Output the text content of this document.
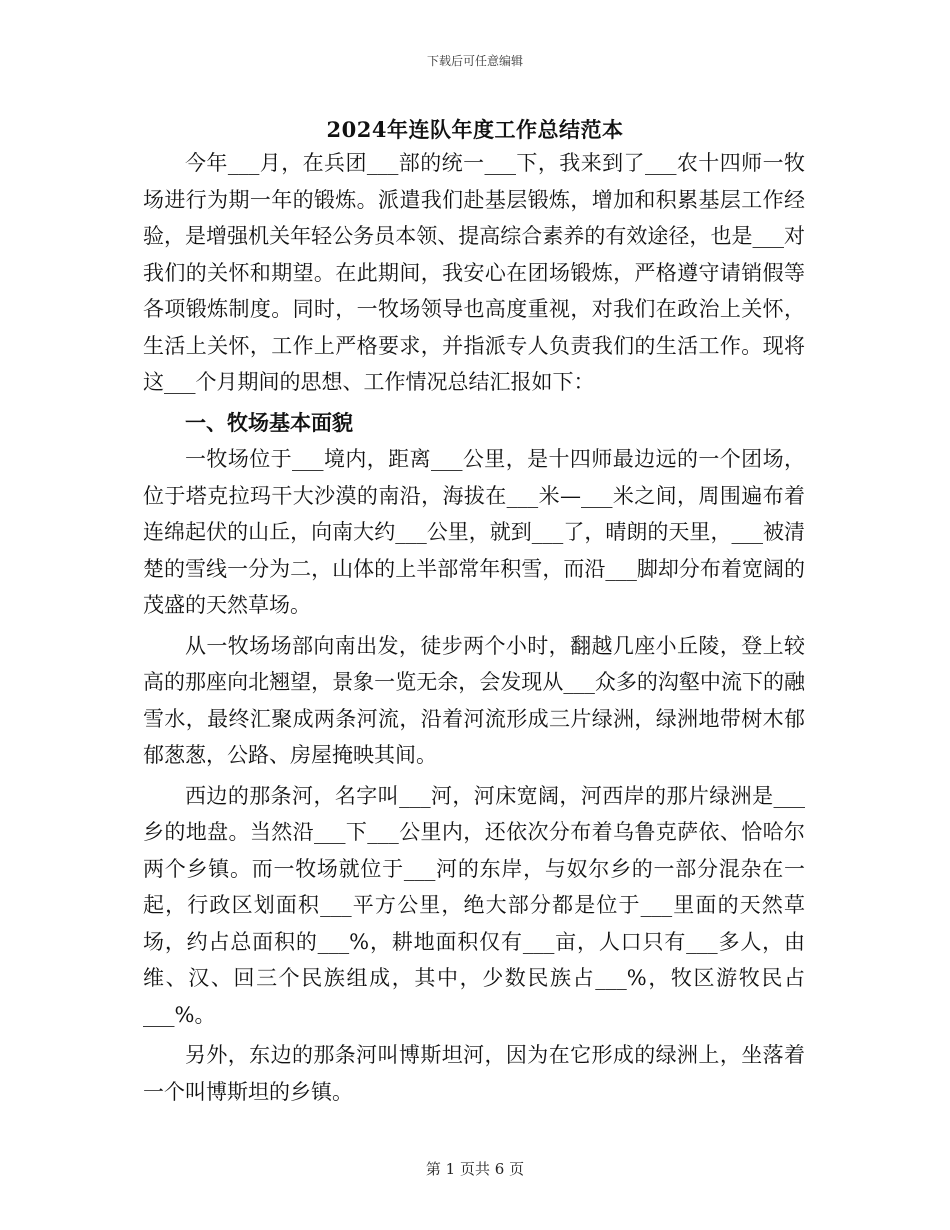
下载后可任意编辑
2024年连队年度工作总结范本

今年___月，在兵团___部的统一___下，我来到了___农十四师一牧场进行为期一年的锻炼。派遣我们赴基层锻炼，增加和积累基层工作经验，是增强机关年轻公务员本领、提高综合素养的有效途径，也是___对我们的关怀和期望。在此期间，我安心在团场锻炼，严格遵守请销假等各项锻炼制度。同时，一牧场领导也高度重视，对我们在政治上关怀，生活上关怀，工作上严格要求，并指派专人负责我们的生活工作。现将这___个月期间的思想、工作情况总结汇报如下：

一、牧场基本面貌

一牧场位于___境内，距离___公里，是十四师最边远的一个团场，位于塔克拉玛干大沙漠的南沿，海拔在___米—___米之间，周围遍布着连绵起伏的山丘，向南大约___公里，就到___了，晴朗的天里，___被清楚的雪线一分为二，山体的上半部常年积雪，而沿___脚却分布着宽阔的茂盛的天然草场。

从一牧场场部向南出发，徒步两个小时，翻越几座小丘陵，登上较高的那座向北翘望，景象一览无余，会发现从___众多的沟壑中流下的融雪水，最终汇聚成两条河流，沿着河流形成三片绿洲，绿洲地带树木郁郁葱葱，公路、房屋掩映其间。

西边的那条河，名字叫___河，河床宽阔，河西岸的那片绿洲是___乡的地盘。当然沿___下___公里内，还依次分布着乌鲁克萨依、恰哈尔两个乡镇。而一牧场就位于___河的东岸，与奴尔乡的一部分混杂在一起，行政区划面积___平方公里，绝大部分都是位于___里面的天然草场，约占总面积的___%，耕地面积仅有___亩，人口只有___多人，由维、汉、回三个民族组成，其中，少数民族占___%，牧区游牧民占___%。

另外，东边的那条河叫博斯坦河，因为在它形成的绿洲上，坐落着一个叫博斯坦的乡镇。

第 1 页共 6 页
